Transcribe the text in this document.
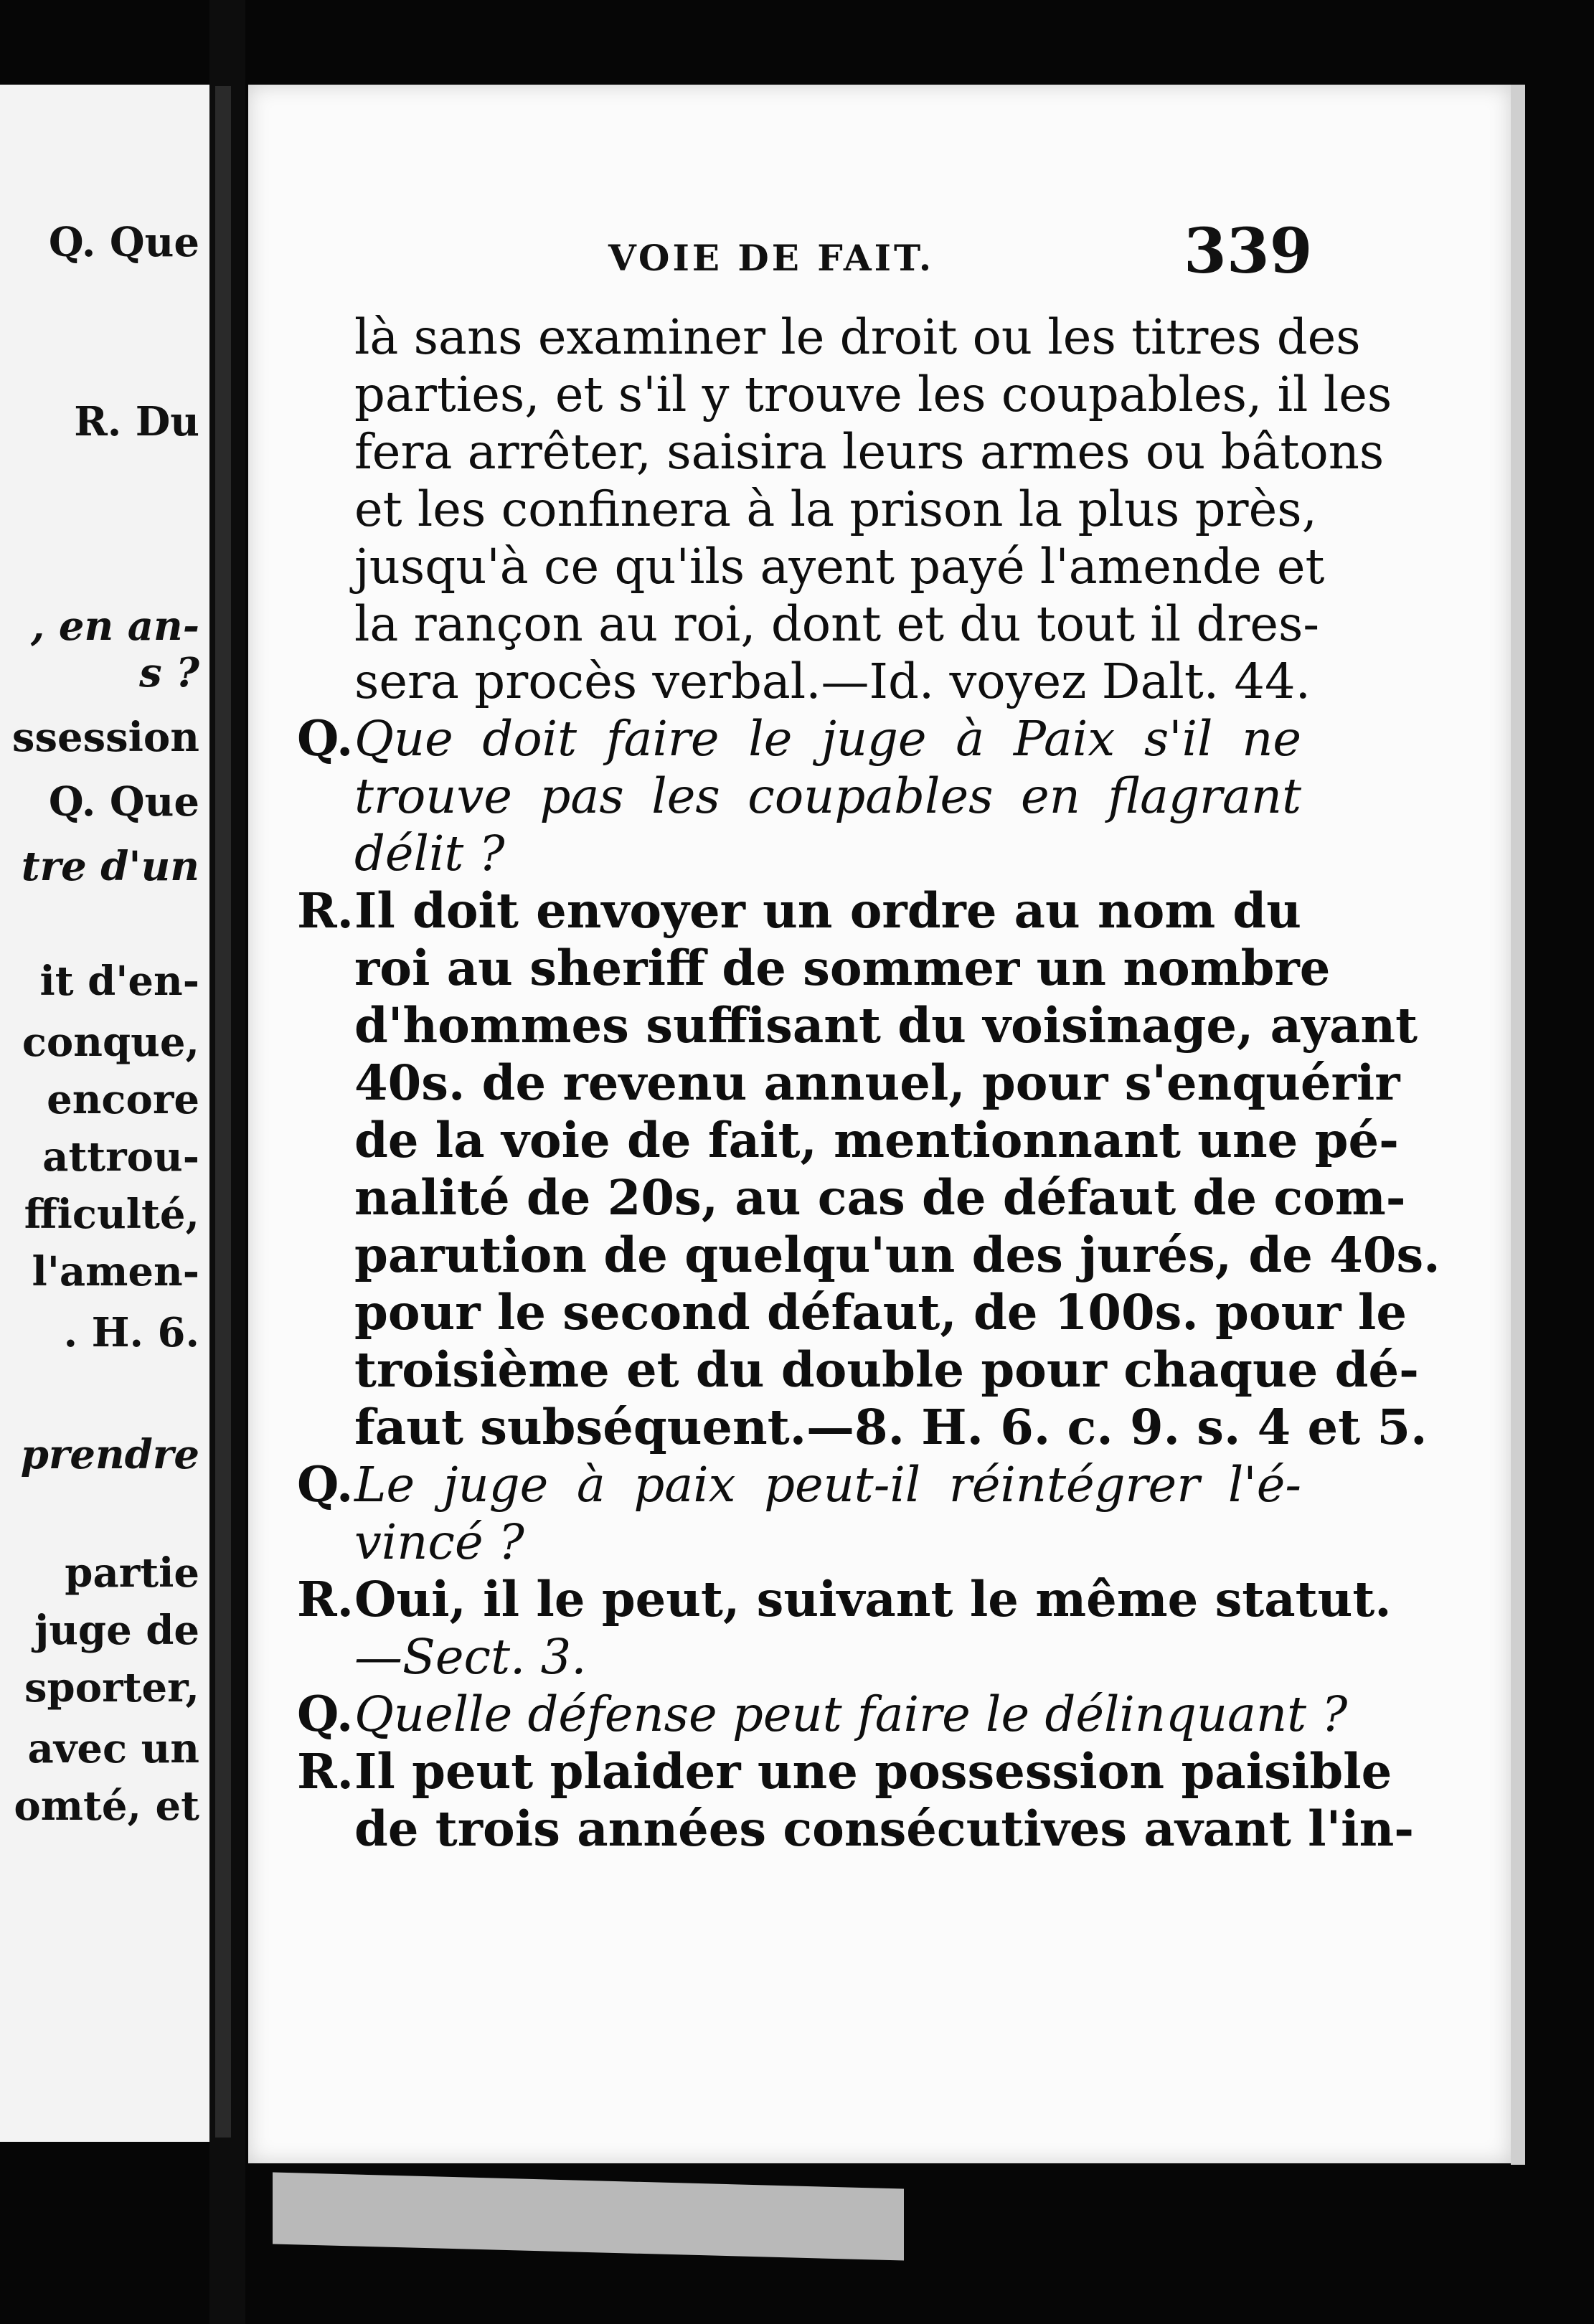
Q. Que

R. Du

, en an-

s ?

ssession

Q. Que

tre d'un

it d'en-

conque,

encore

attrou-

fficulté,

l'amen-

. H. 6.

prendre

partie

juge de

sporter,

avec un

omté, et

VOIE DE FAIT.	339

là sans examiner le droit ou les titres des
parties, et s'il y trouve les coupables, il les
fera arrêter, saisira leurs armes ou bâtons
et les confinera à la prison la plus près,
jusqu'à ce qu'ils ayent payé l'amende et
la rançon au roi, dont et du tout il dres-
sera procès verbal.—Id. voyez Dalt. 44.
Q. Que doit faire le juge à Paix s'il ne
trouve pas les coupables en flagrant
délit ?
R. Il doit envoyer un ordre au nom du
roi au sheriff de sommer un nombre
d'hommes suffisant du voisinage, ayant
40s. de revenu annuel, pour s'enquérir
de la voie de fait, mentionnant une pé-
nalité de 20s, au cas de défaut de com-
parution de quelqu'un des jurés, de 40s.
pour le second défaut, de 100s. pour le
troisième et du double pour chaque dé-
faut subséquent.—8. H. 6. c. 9. s. 4 et 5.
Q. Le juge à paix peut-il réintégrer l'é-
vincé ?
R. Oui, il le peut, suivant le même statut.
—Sect. 3.
Q. Quelle défense peut faire le délinquant ?
R. Il peut plaider une possession paisible
de trois années consécutives avant l'in-
